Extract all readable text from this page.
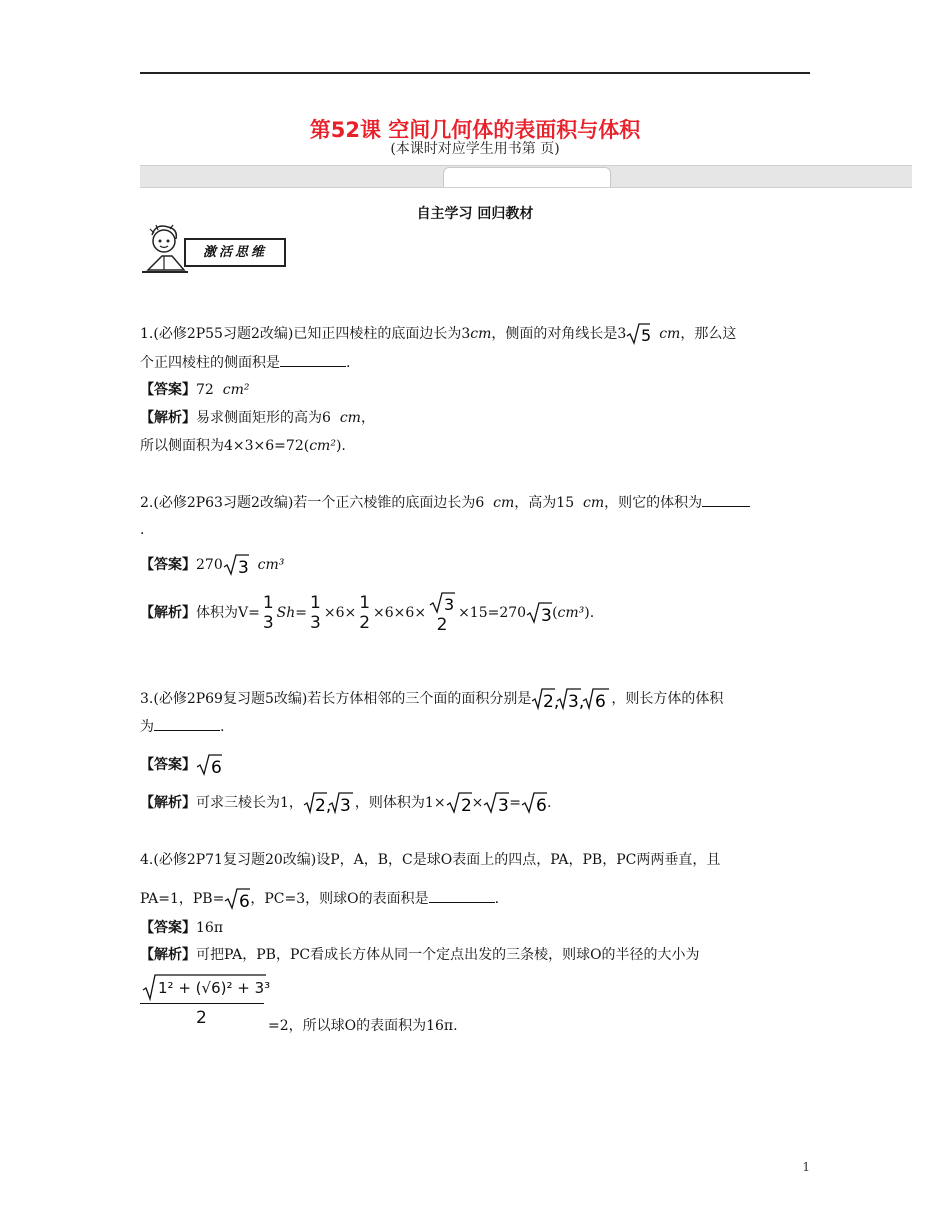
第52课 空间几何体的表面积与体积
(本课时对应学生用书第 页)
自主学习 回归教材
激活思维
1.(必修2P55习题2改编)已知正四棱柱的底面边长为3cm，侧面的对角线长是3 5 cm，那么这
个正四棱柱的侧面积是	.
【答案】72 cm²
【解析】易求侧面矩形的高为6 cm，
所以侧面积为4×3×6=72(cm²).
2.(必修2P63习题2改编)若一个正六棱锥的底面边长为6 cm，高为15 cm，则它的体积为
.
【答案】270 3 cm³
【解析】体积为V= 1
3 Sh= 1
3 ×6× 1
2 ×6×6× 3
2
×15=270 3 (cm³).
3.(必修2P69复习题5改编)若长方体相邻的三个面的面积分别是 2, 3, 6 ，则长方体的体积
为	.
【答案】 6
【解析】可求三棱长为1， 2, 3 ，则体积为1× 2 × 3 = 6 .
4.(必修2P71复习题20改编)设P，A，B，C是球O表面上的四点，PA，PB，PC两两垂直，且
PA=1，PB= 6 ，PC=3，则球O的表面积是	.
【答案】16π
【解析】可把PA，PB，PC看成长方体从同一个定点出发的三条棱，则球O的半径的大小为
1² + (√6)² + 3³
2	=2，所以球O的表面积为16π.
1
